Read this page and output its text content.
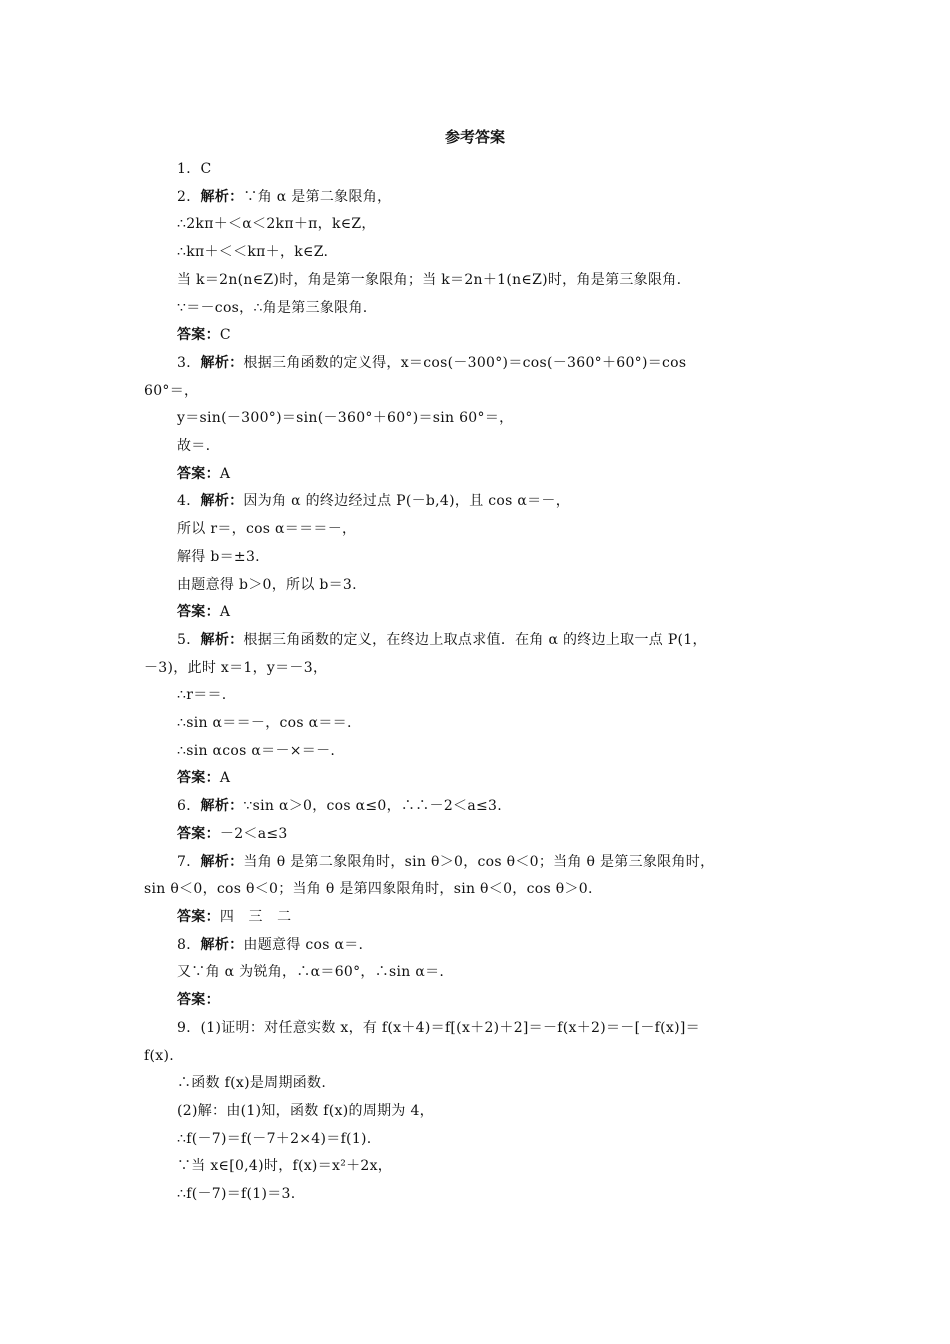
参考答案
1．C
2．解析：∵角 α 是第二象限角，
∴2kπ＋＜α＜2kπ＋π，k∈Z，
∴kπ＋＜＜kπ＋，k∈Z.
当 k＝2n(n∈Z)时，角是第一象限角；当 k＝2n＋1(n∈Z)时，角是第三象限角.
∵＝－cos，∴角是第三象限角.
答案：C
3．解析：根据三角函数的定义得，x＝cos(－300°)＝cos(－360°＋60°)＝cos
60°＝，
y＝sin(－300°)＝sin(－360°＋60°)＝sin 60°＝，
故＝.
答案：A
4．解析：因为角 α 的终边经过点 P(－b,4)，且 cos α＝－，
所以 r＝，cos α＝＝＝－，
解得 b＝±3.
由题意得 b＞0，所以 b＝3.
答案：A
5．解析：根据三角函数的定义，在终边上取点求值．在角 α 的终边上取一点 P(1，
－3)，此时 x＝1，y＝－3，
∴r＝＝.
∴sin α＝＝－，cos α＝＝.
∴sin αcos α＝－×＝－.
答案：A
6．解析：∵sin α＞0，cos α≤0，∴∴－2＜a≤3.
答案：－2＜a≤3
7．解析：当角 θ 是第二象限角时，sin θ＞0，cos θ＜0；当角 θ 是第三象限角时，
sin θ＜0，cos θ＜0；当角 θ 是第四象限角时，sin θ＜0，cos θ＞0.
答案：四　三　二
8．解析：由题意得 cos α＝.
又∵角 α 为锐角，∴α＝60°，∴sin α＝.
答案：
9．(1)证明：对任意实数 x，有 f(x＋4)＝f[(x＋2)＋2]＝－f(x＋2)＝－[－f(x)]＝
f(x).
∴函数 f(x)是周期函数.
(2)解：由(1)知，函数 f(x)的周期为 4，
∴f(－7)＝f(－7＋2×4)＝f(1).
∵当 x∈[0,4)时，f(x)＝x²＋2x，
∴f(－7)＝f(1)＝3.
